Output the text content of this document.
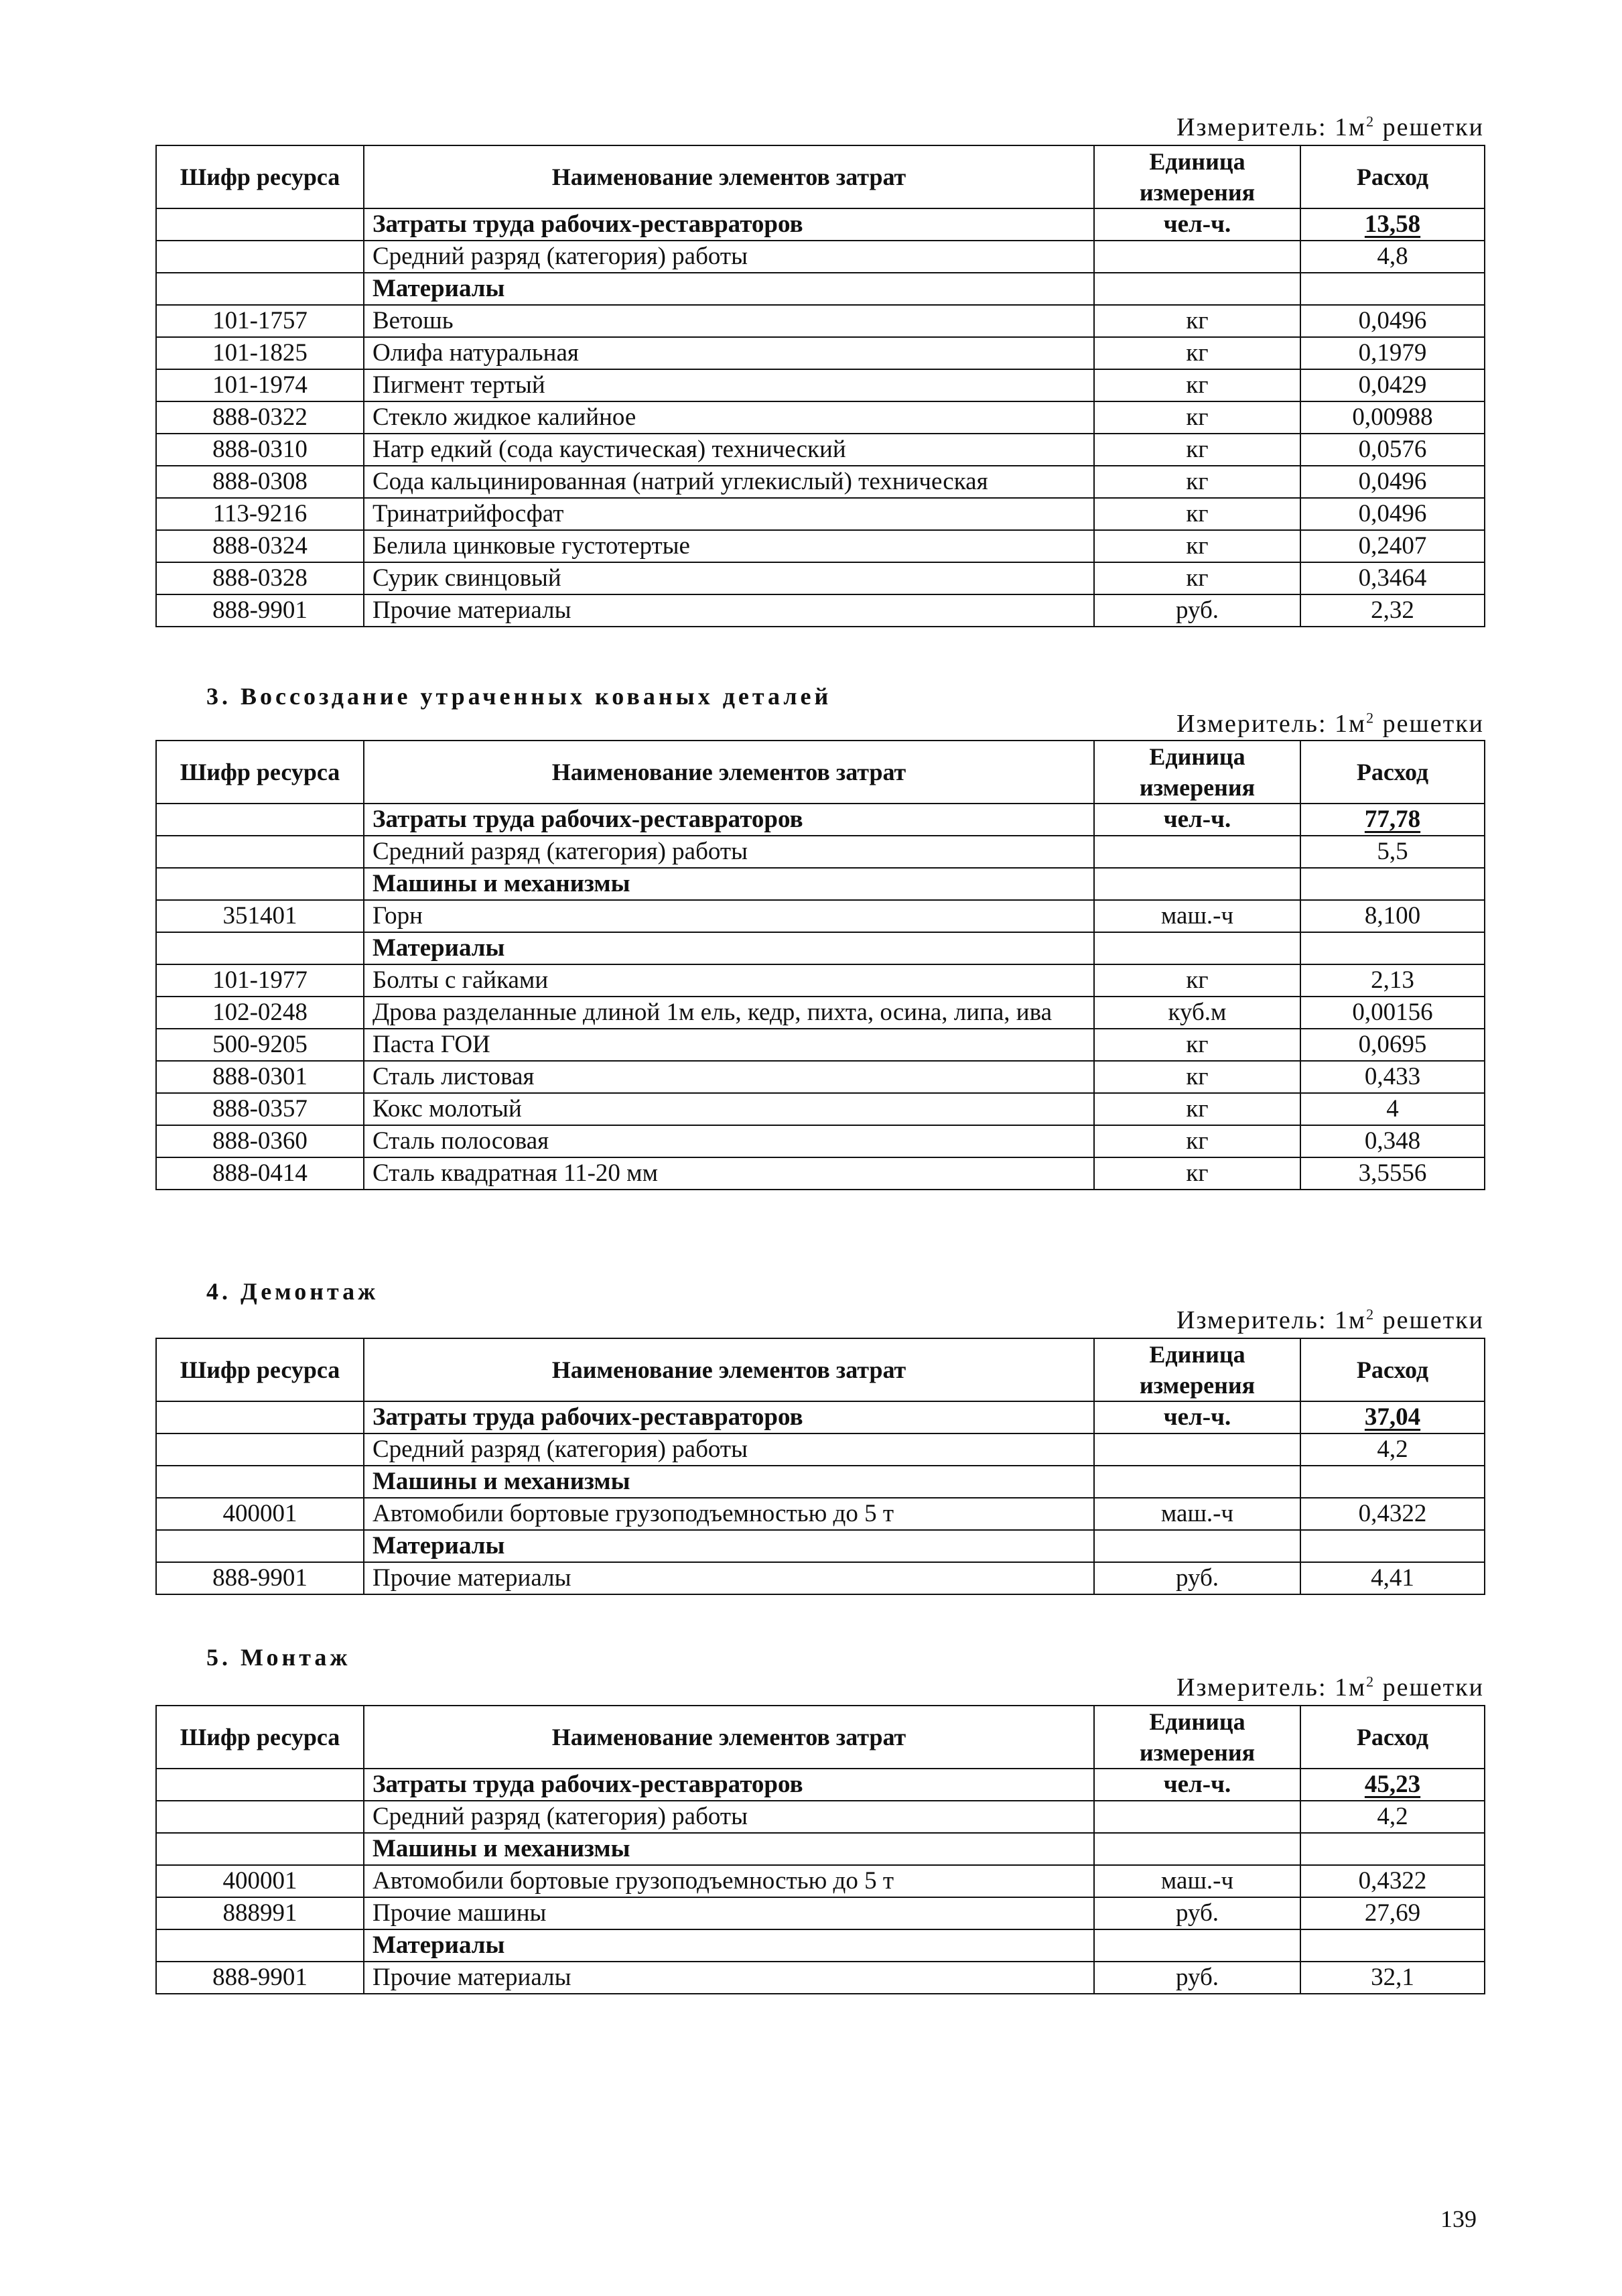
Измеритель: $1м^2$ решетки
Шифр ресурса	Наименование элементов затрат	Единица измерения	Расход
	Затраты труда рабочих-реставраторов	чел-ч.	13,58
	Средний разряд (категория) работы		4,8
	Материалы		
101-1757	Ветошь	кг	0,0496
101-1825	Олифа натуральная	кг	0,1979
101-1974	Пигмент тертый	кг	0,0429
888-0322	Стекло жидкое калийное	кг	0,00988
888-0310	Натр едкий (сода каустическая) технический	кг	0,0576
888-0308	Сода кальцинированная (натрий углекислый) техническая	кг	0,0496
113-9216	Тринатрийфосфат	кг	0,0496
888-0324	Белила цинковые густотертые	кг	0,2407
888-0328	Сурик свинцовый	кг	0,3464
888-9901	Прочие материалы	руб.	2,32
3. Воссоздание утраченных кованых деталей
Измеритель: $1м^2$ решетки
Шифр ресурса	Наименование элементов затрат	Единица измерения	Расход
	Затраты труда рабочих-реставраторов	чел-ч.	77,78
	Средний разряд (категория) работы		5,5
	Машины и механизмы		
351401	Горн	маш.-ч	8,100
	Материалы		
101-1977	Болты с гайками	кг	2,13
102-0248	Дрова разделанные длиной 1м ель, кедр, пихта, осина, липа, ива	куб.м	0,00156
500-9205	Паста ГОИ	кг	0,0695
888-0301	Сталь листовая	кг	0,433
888-0357	Кокс молотый	кг	4
888-0360	Сталь полосовая	кг	0,348
888-0414	Сталь квадратная 11-20 мм	кг	3,5556
4. Демонтаж
Измеритель: $1м^2$ решетки
Шифр ресурса	Наименование элементов затрат	Единица измерения	Расход
	Затраты труда рабочих-реставраторов	чел-ч.	37,04
	Средний разряд (категория) работы		4,2
	Машины и механизмы		
400001	Автомобили бортовые грузоподъемностью до 5 т	маш.-ч	0,4322
	Материалы		
888-9901	Прочие материалы	руб.	4,41
5. Монтаж
Измеритель: $1м^2$ решетки
Шифр ресурса	Наименование элементов затрат	Единица измерения	Расход
	Затраты труда рабочих-реставраторов	чел-ч.	45,23
	Средний разряд (категория) работы		4,2
	Машины и механизмы		
400001	Автомобили бортовые грузоподъемностью до 5 т	маш.-ч	0,4322
888991	Прочие машины	руб.	27,69
	Материалы		
888-9901	Прочие материалы	руб.	32,1
139
